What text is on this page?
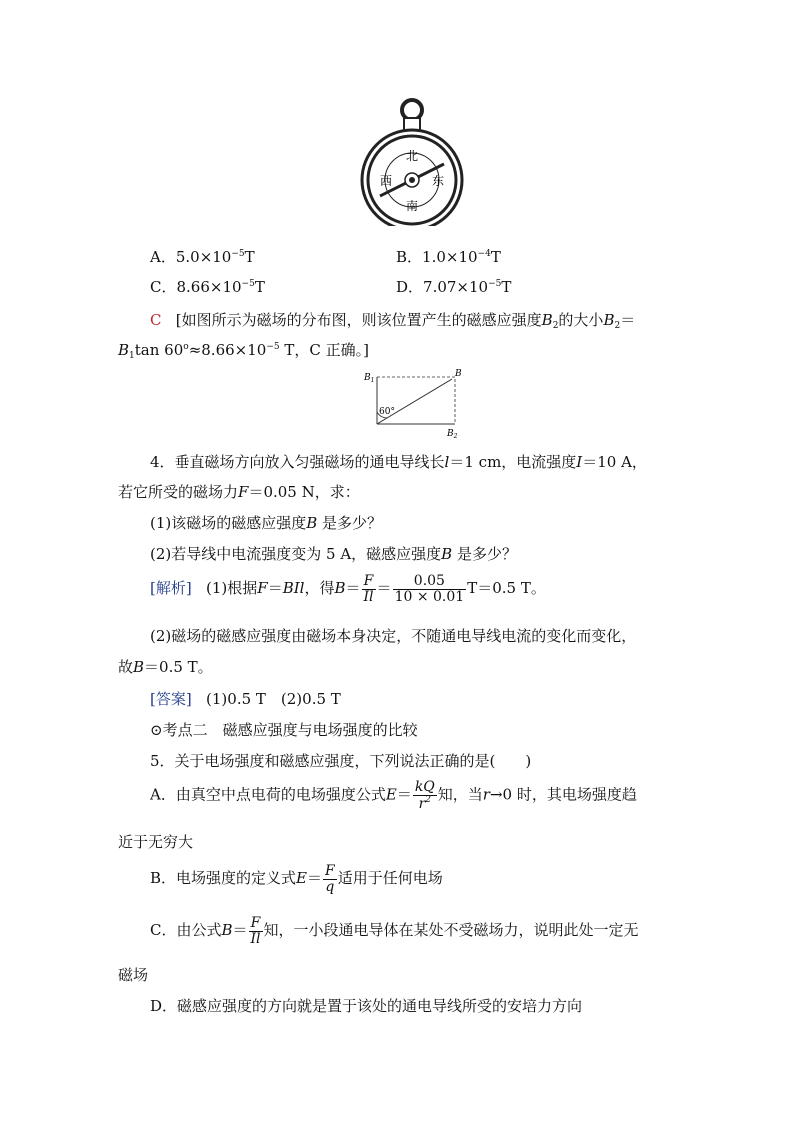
北
南
西	东
A．$5.0\times 10^{-5}T$	B．$1.0\times 10^{-4}T$
C．$8.66\times 10^{-5}T$	D．$7.07\times 10^{-5}T$
C [如图所示为磁场的分布图，则该位置产生的磁感应强度$B_2$的大小$B_2=$
$B_1\tan$ $60^o\approx 8.66\times 10^{-5}$ T，C 正确。]
$B_1$
B
$B_2$
60°
4．垂直磁场方向放入匀强磁场的通电导线长l＝1 cm，电流强度I＝10 A，
若它所受的磁场力F＝0.05 N，求：
(1)该磁场的磁感应强度B 是多少？
(2)若导线中电流强度变为 5 A，磁感应强度B 是多少？
[解析] (1)根据F＝BIl，得$B= \frac{F}{Il} = \frac{0.05}{10 \times 0.01} T=0.5$ T。
(2)磁场的磁感应强度由磁场本身决定，不随通电导线电流的变化而变化，
故B＝0.5 T。
[答案] (1)0.5 T　(2)0.5 T
⊙考点二　磁感应强度与电场强度的比较
5．关于电场强度和磁感应强度，下列说法正确的是(　　)
A．由真空中点电荷的电场强度公式$E= \frac{kQ}{r^2}$ 知，当r→0 时，其电场强度趋
近于无穷大
B．电场强度的定义式$E= \frac{F}{q}$ 适用于任何电场
C．由公式$B= \frac{F}{Il}$ 知，一小段通电导体在某处不受磁场力，说明此处一定无
磁场
D．磁感应强度的方向就是置于该处的通电导线所受的安培力方向
